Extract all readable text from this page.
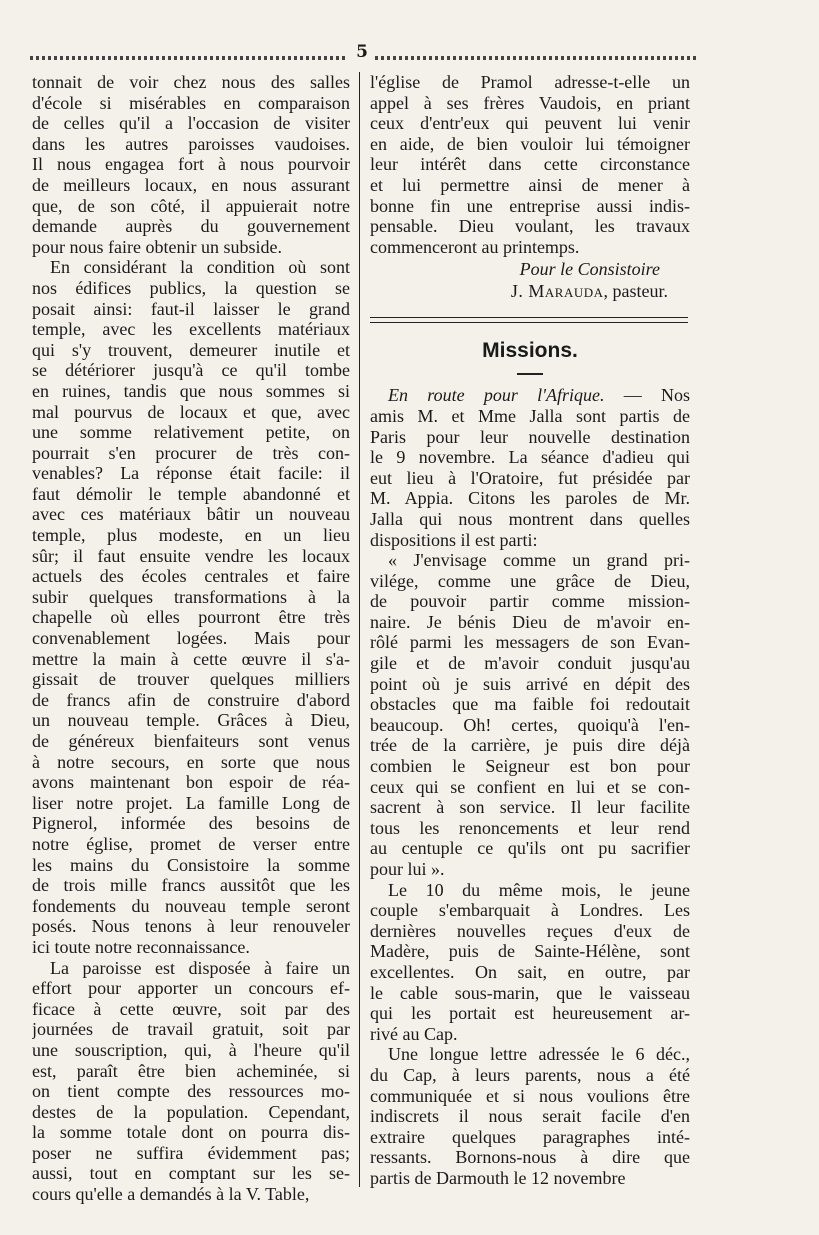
5
tonnait de voir chez nous des salles
d'école si misérables en comparaison
de celles qu'il a l'occasion de visiter
dans les autres paroisses vaudoises.
Il nous engagea fort à nous pourvoir
de meilleurs locaux, en nous assurant
que, de son côté, il appuierait notre
demande auprès du gouvernement
pour nous faire obtenir un subside.
En considérant la condition où sont
nos édifices publics, la question se
posait ainsi: faut-il laisser le grand
temple, avec les excellents matériaux
qui s'y trouvent, demeurer inutile et
se détériorer jusqu'à ce qu'il tombe
en ruines, tandis que nous sommes si
mal pourvus de locaux et que, avec
une somme relativement petite, on
pourrait s'en procurer de très con-
venables? La réponse était facile: il
faut démolir le temple abandonné et
avec ces matériaux bâtir un nouveau
temple, plus modeste, en un lieu
sûr; il faut ensuite vendre les locaux
actuels des écoles centrales et faire
subir quelques transformations à la
chapelle où elles pourront être très
convenablement logées. Mais pour
mettre la main à cette œuvre il s'a-
gissait de trouver quelques milliers
de francs afin de construire d'abord
un nouveau temple. Grâces à Dieu,
de généreux bienfaiteurs sont venus
à notre secours, en sorte que nous
avons maintenant bon espoir de réa-
liser notre projet. La famille Long de
Pignerol, informée des besoins de
notre église, promet de verser entre
les mains du Consistoire la somme
de trois mille francs aussitôt que les
fondements du nouveau temple seront
posés. Nous tenons à leur renouveler
ici toute notre reconnaissance.
La paroisse est disposée à faire un
effort pour apporter un concours ef-
ficace à cette œuvre, soit par des
journées de travail gratuit, soit par
une souscription, qui, à l'heure qu'il
est, paraît être bien acheminée, si
on tient compte des ressources mo-
destes de la population. Cependant,
la somme totale dont on pourra dis-
poser ne suffira évidemment pas;
aussi, tout en comptant sur les se-
cours qu'elle a demandés à la V. Table,
l'église de Pramol adresse-t-elle un
appel à ses frères Vaudois, en priant
ceux d'entr'eux qui peuvent lui venir
en aide, de bien vouloir lui témoigner
leur intérêt dans cette circonstance
et lui permettre ainsi de mener à
bonne fin une entreprise aussi indis-
pensable. Dieu voulant, les travaux
commenceront au printemps.
Pour le Consistoire
J. Marauda, pasteur.
Missions.
En route pour l'Afrique. — Nos
amis M. et Mme Jalla sont partis de
Paris pour leur nouvelle destination
le 9 novembre. La séance d'adieu qui
eut lieu à l'Oratoire, fut présidée par
M. Appia. Citons les paroles de Mr.
Jalla qui nous montrent dans quelles
dispositions il est parti:
« J'envisage comme un grand pri-
vilége, comme une grâce de Dieu,
de pouvoir partir comme mission-
naire. Je bénis Dieu de m'avoir en-
rôlé parmi les messagers de son Evan-
gile et de m'avoir conduit jusqu'au
point où je suis arrivé en dépit des
obstacles que ma faible foi redoutait
beaucoup. Oh! certes, quoiqu'à l'en-
trée de la carrière, je puis dire déjà
combien le Seigneur est bon pour
ceux qui se confient en lui et se con-
sacrent à son service. Il leur facilite
tous les renoncements et leur rend
au centuple ce qu'ils ont pu sacrifier
pour lui ».
Le 10 du même mois, le jeune
couple s'embarquait à Londres. Les
dernières nouvelles reçues d'eux de
Madère, puis de Sainte-Hélène, sont
excellentes. On sait, en outre, par
le cable sous-marin, que le vaisseau
qui les portait est heureusement ar-
rivé au Cap.
Une longue lettre adressée le 6 déc.,
du Cap, à leurs parents, nous a été
communiquée et si nous voulions être
indiscrets il nous serait facile d'en
extraire quelques paragraphes inté-
ressants. Bornons-nous à dire que
partis de Darmouth le 12 novembre
